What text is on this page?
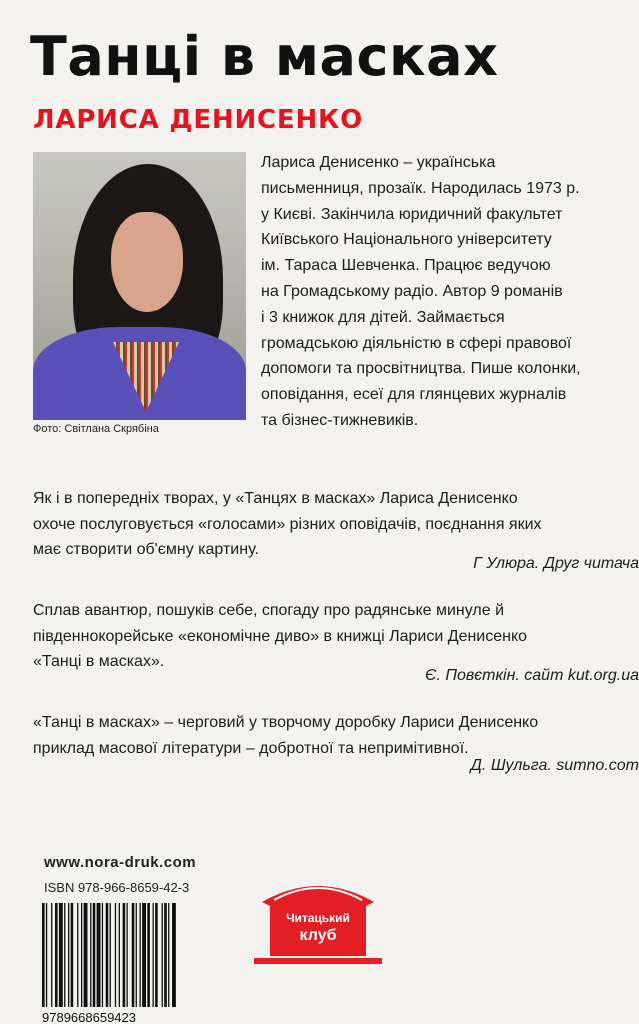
Танці в масках
ЛАРИСА ДЕНИСЕНКО
Фото: Світлана Скрябіна
Лариса Денисенко – українська
письменниця, прозаїк. Народилась 1973 р.
у Києві. Закінчила юридичний факультет
Київського Національного університету
ім. Тараса Шевченка. Працює ведучою
на Громадському радіо. Автор 9 романів
і 3 книжок для дітей. Займається
громадською діяльністю в сфері правової
допомоги та просвітництва. Пише колонки,
оповідання, есеї для глянцевих журналів
та бізнес-тижневиків.
Як і в попередніх творах, у «Танцях в масках» Лариса Денисенко
охоче послуговується «голосами» різних оповідачів, поєднання яких
має створити об'ємну картину.
Г Улюра. Друг читача
Сплав авантюр, пошуків себе, спогаду про радянське минуле й
південнокорейське «економічне диво» в книжці Лариси Денисенко
«Танці в масках».
Є. Повєткін. сайт kut.org.ua
«Танці в масках» – черговий у творчому доробку Лариси Денисенко
приклад масової літератури – добротної та непримітивної.
Д. Шульга. sumno.com
www.nora-druk.com
ISBN 978-966-8659-42-3
9789668659423
Читацький
клуб
